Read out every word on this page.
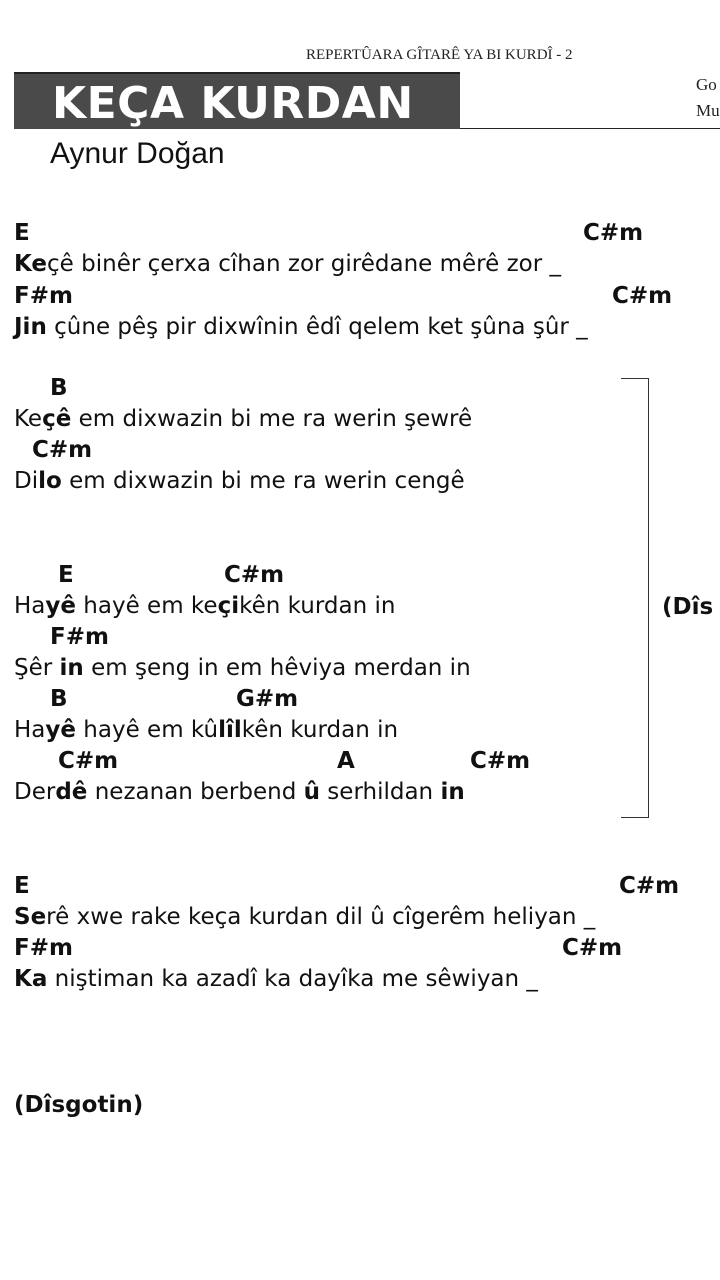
REPERTÛARA GÎTARÊ YA BI KURDÎ - 2
KEÇA KURDAN	Go
Mu
Aynur Doğan
E	C#m
Keçê binêr çerxa cîhan zor girêdane mêrê zor _
F#m	C#m
Jin çûne pêş pir dixwînin êdî qelem ket şûna şûr _
B
Keçê em dixwazin bi me ra werin şewrê
C#m
Dilo em dixwazin bi me ra werin cengê
E	C#m
Hayê hayê em keçikên kurdan in	(Dîs
F#m
Şêr in em şeng in em hêviya merdan in
B	G#m
Hayê hayê em kûlîlkên kurdan in
C#m	A	C#m
Derdê nezanan berbend û serhildan in
E	C#m
Serê xwe rake keça kurdan dil û cîgerêm heliyan _
F#m	C#m
Ka niştiman ka azadî ka dayîka me sêwiyan _
(Dîsgotin)
